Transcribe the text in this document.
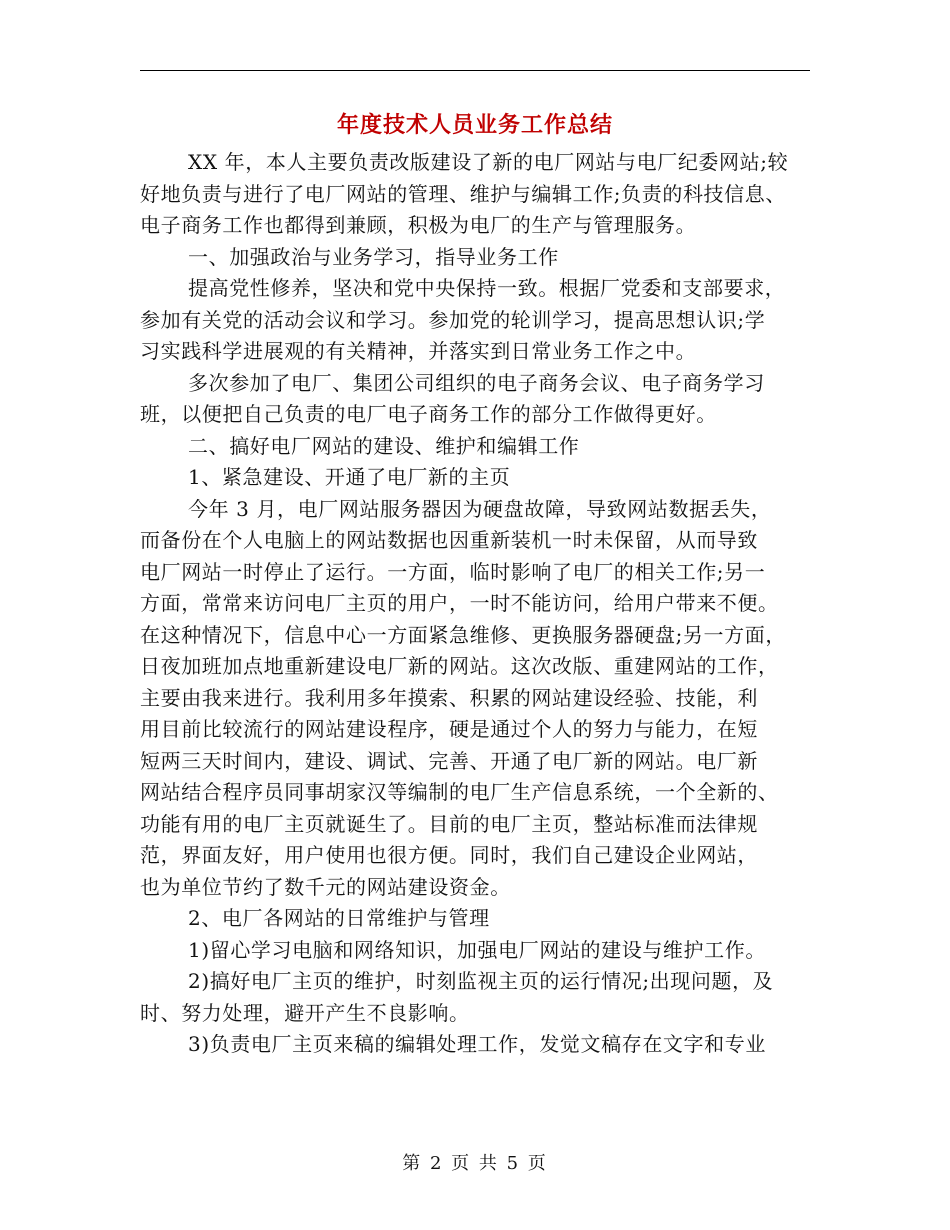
年度技术人员业务工作总结
XX 年，本人主要负责改版建设了新的电厂网站与电厂纪委网站;较
好地负责与进行了电厂网站的管理、维护与编辑工作;负责的科技信息、
电子商务工作也都得到兼顾，积极为电厂的生产与管理服务。
一、加强政治与业务学习，指导业务工作
提高党性修养，坚决和党中央保持一致。根据厂党委和支部要求，
参加有关党的活动会议和学习。参加党的轮训学习，提高思想认识;学
习实践科学进展观的有关精神，并落实到日常业务工作之中。
多次参加了电厂、集团公司组织的电子商务会议、电子商务学习
班，以便把自己负责的电厂电子商务工作的部分工作做得更好。
二、搞好电厂网站的建设、维护和编辑工作
1、紧急建设、开通了电厂新的主页
今年 3 月，电厂网站服务器因为硬盘故障，导致网站数据丢失，
而备份在个人电脑上的网站数据也因重新装机一时未保留，从而导致
电厂网站一时停止了运行。一方面，临时影响了电厂的相关工作;另一
方面，常常来访问电厂主页的用户，一时不能访问，给用户带来不便。
在这种情况下，信息中心一方面紧急维修、更换服务器硬盘;另一方面，
日夜加班加点地重新建设电厂新的网站。这次改版、重建网站的工作，
主要由我来进行。我利用多年摸索、积累的网站建设经验、技能，利
用目前比较流行的网站建设程序，硬是通过个人的努力与能力，在短
短两三天时间内，建设、调试、完善、开通了电厂新的网站。电厂新
网站结合程序员同事胡家汉等编制的电厂生产信息系统，一个全新的、
功能有用的电厂主页就诞生了。目前的电厂主页，整站标准而法律规
范，界面友好，用户使用也很方便。同时，我们自己建设企业网站，
也为单位节约了数千元的网站建设资金。
2、电厂各网站的日常维护与管理
1)留心学习电脑和网络知识，加强电厂网站的建设与维护工作。
2)搞好电厂主页的维护，时刻监视主页的运行情况;出现问题，及
时、努力处理，避开产生不良影响。
3)负责电厂主页来稿的编辑处理工作，发觉文稿存在文字和专业
第 2 页 共 5 页
